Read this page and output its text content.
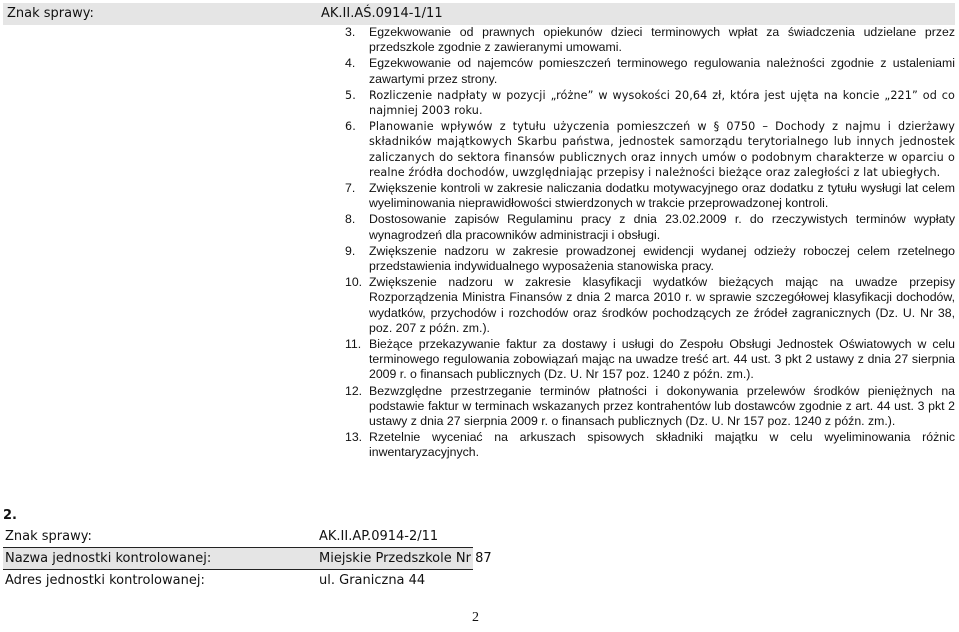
Znak sprawy:	AK.II.AŚ.0914-1/11
3. Egzekwowanie od prawnych opiekunów dzieci terminowych wpłat za świadczenia udzielane przez przedszkole zgodnie z zawieranymi umowami.
4. Egzekwowanie od najemców pomieszczeń terminowego regulowania należności zgodnie z ustaleniami zawartymi przez strony.
5. Rozliczenie nadpłaty w pozycji „różne” w wysokości 20,64 zł, która jest ujęta na koncie „221” od co najmniej 2003 roku.
6. Planowanie wpływów z tytułu użyczenia pomieszczeń w § 0750 – Dochody z najmu i dzierżawy składników majątkowych Skarbu państwa, jednostek samorządu terytorialnego lub innych jednostek zaliczanych do sektora finansów publicznych oraz innych umów o podobnym charakterze w oparciu o realne źródła dochodów, uwzględniając przepisy i należności bieżące oraz zaległości z lat ubiegłych.
7. Zwiększenie kontroli w zakresie naliczania dodatku motywacyjnego oraz dodatku z tytułu wysługi lat celem wyeliminowania nieprawidłowości stwierdzonych w trakcie przeprowadzonej kontroli.
8. Dostosowanie zapisów Regulaminu pracy z dnia 23.02.2009 r. do rzeczywistych terminów wypłaty wynagrodzeń dla pracowników administracji i obsługi.
9. Zwiększenie nadzoru w zakresie prowadzonej ewidencji wydanej odzieży roboczej celem rzetelnego przedstawienia indywidualnego wyposażenia stanowiska pracy.
10. Zwiększenie nadzoru w zakresie klasyfikacji wydatków bieżących mając na uwadze przepisy Rozporządzenia Ministra Finansów z dnia 2 marca 2010 r. w sprawie szczegółowej klasyfikacji dochodów, wydatków, przychodów i rozchodów oraz środków pochodzących ze źródeł zagranicznych (Dz. U. Nr 38, poz. 207 z późn. zm.).
11. Bieżące przekazywanie faktur za dostawy i usługi do Zespołu Obsługi Jednostek Oświatowych w celu terminowego regulowania zobowiązań mając na uwadze treść art. 44 ust. 3 pkt 2 ustawy z dnia 27 sierpnia 2009 r. o finansach publicznych (Dz. U. Nr 157 poz. 1240 z późn. zm.).
12. Bezwzględne przestrzeganie terminów płatności i dokonywania przelewów środków pieniężnych na podstawie faktur w terminach wskazanych przez kontrahentów lub dostawców zgodnie z art. 44 ust. 3 pkt 2 ustawy z dnia 27 sierpnia 2009 r. o finansach publicznych (Dz. U. Nr 157 poz. 1240 z późn. zm.).
13. Rzetelnie wyceniać na arkuszach spisowych składniki majątku w celu wyeliminowania różnic inwentaryzacyjnych.
2.
Znak sprawy:	AK.II.AP.0914-2/11
Nazwa jednostki kontrolowanej:	Miejskie Przedszkole Nr 87
Adres jednostki kontrolowanej:	ul. Graniczna 44
2
